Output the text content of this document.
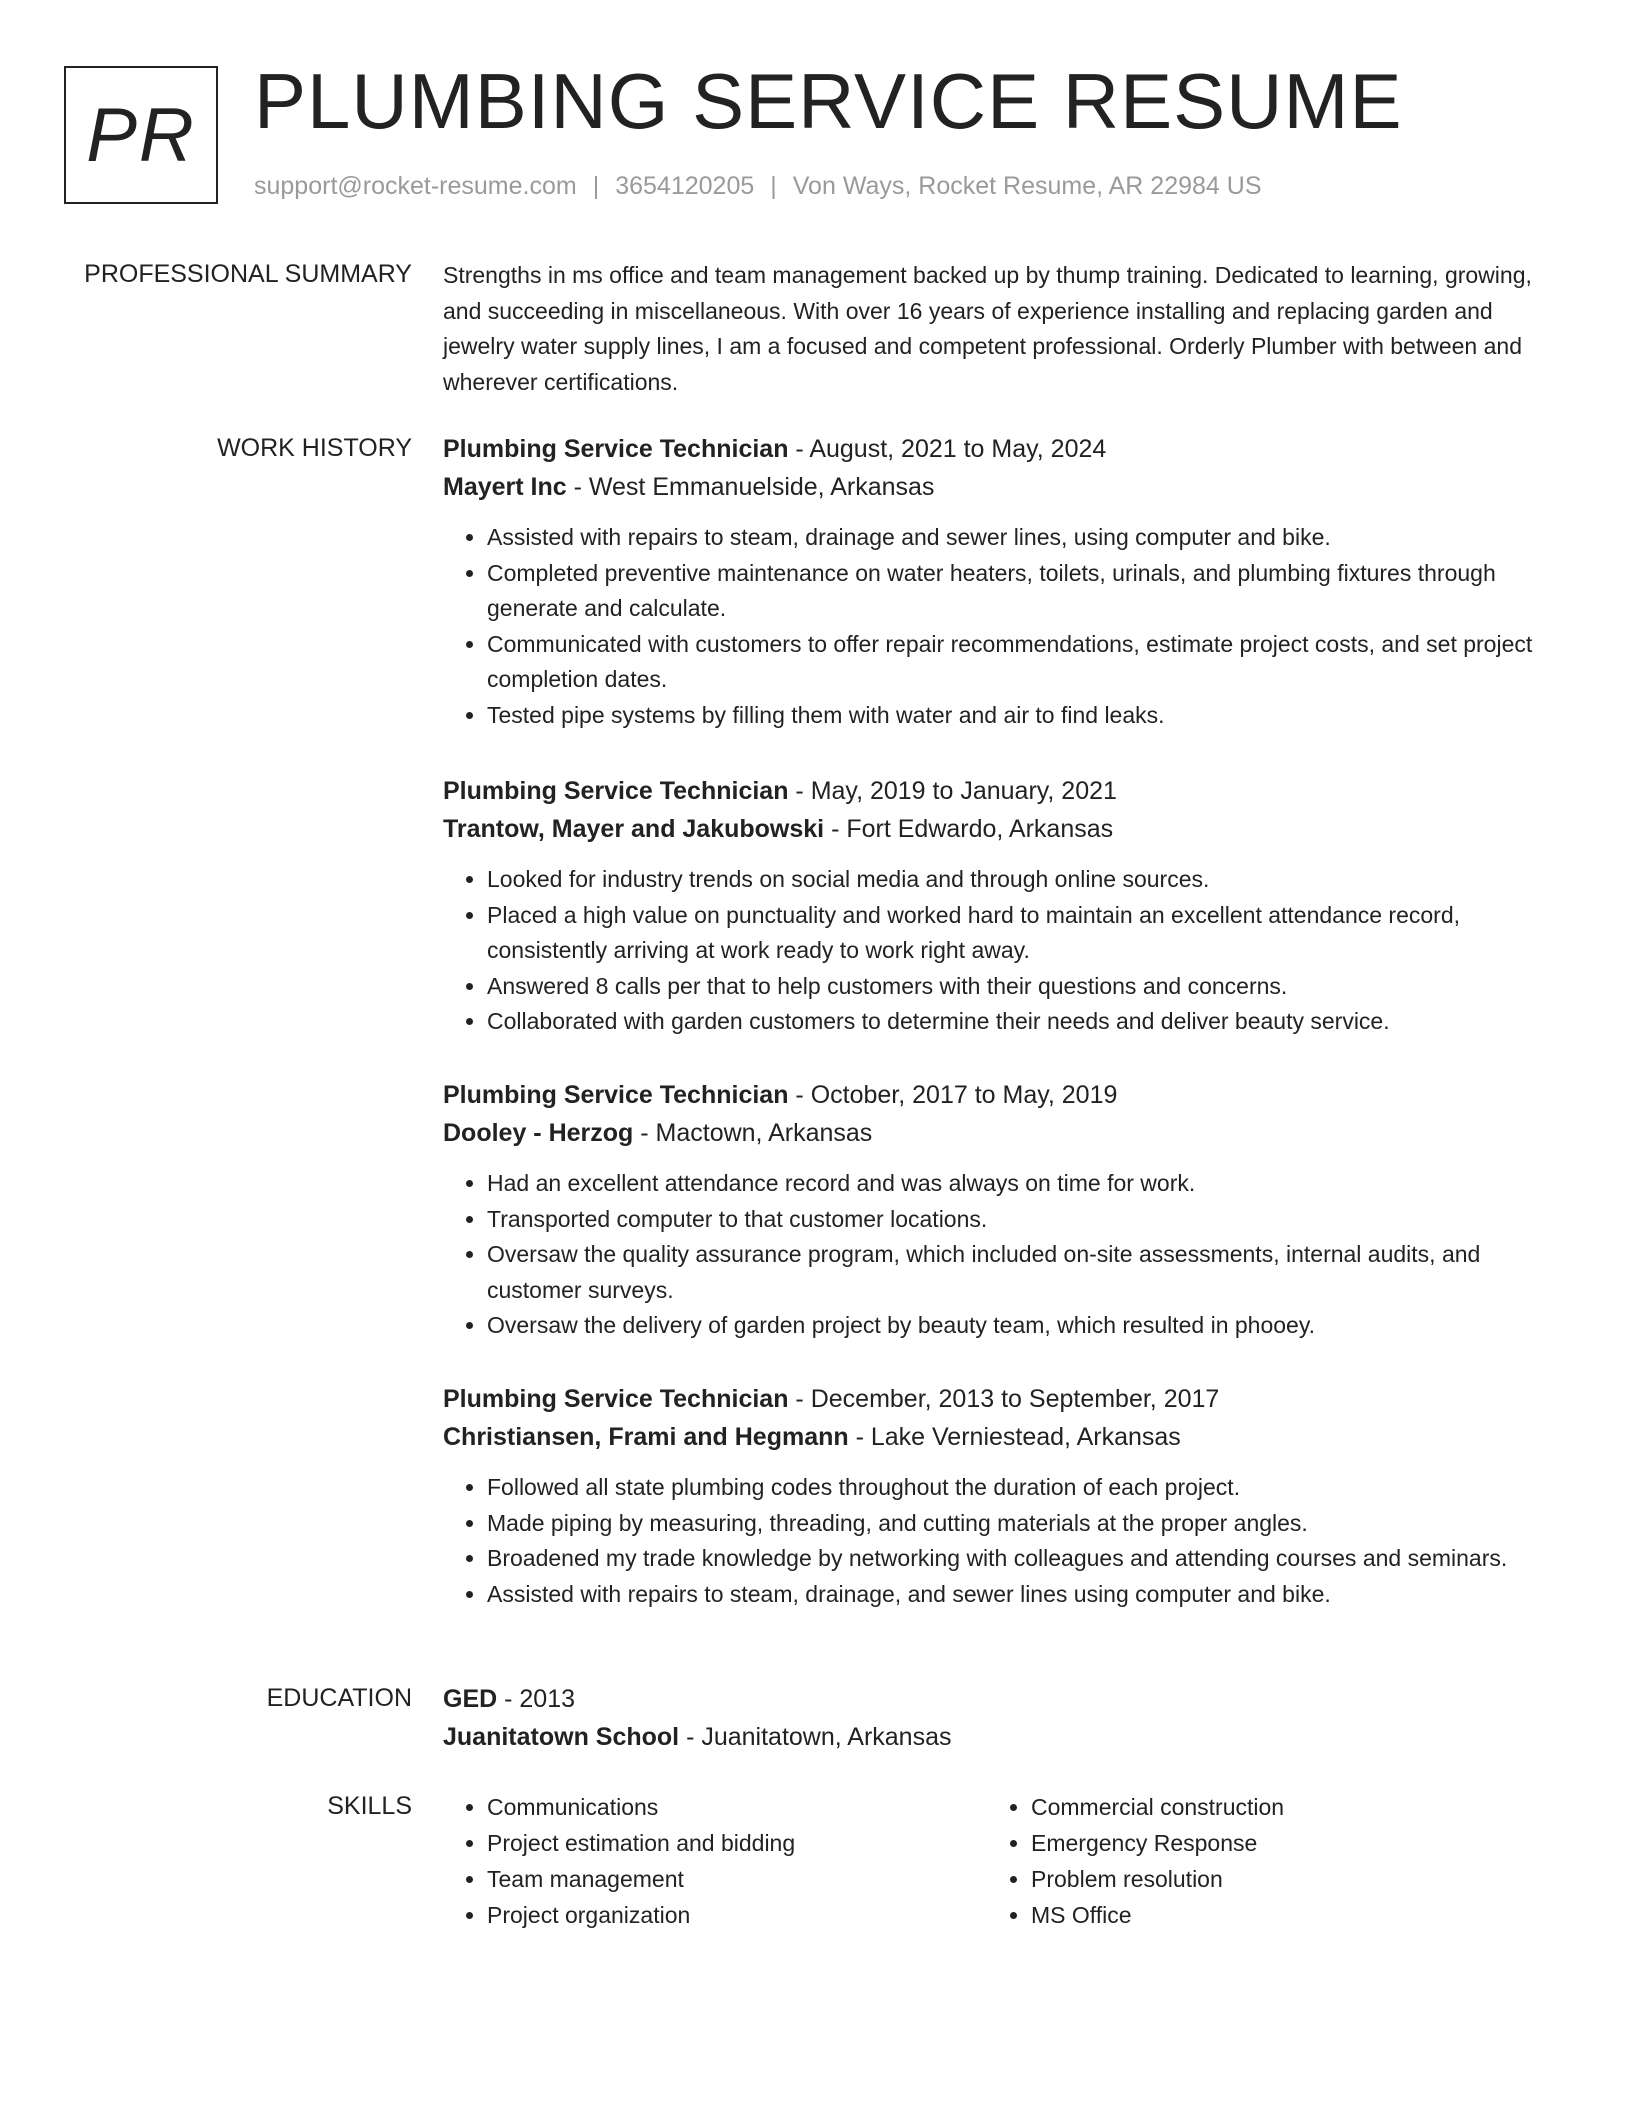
PR PLUMBING SERVICE RESUME
support@rocket-resume.com | 3654120205 | Von Ways, Rocket Resume, AR 22984 US
PROFESSIONAL SUMMARY Strengths in ms office and team management backed up by thump training. Dedicated to learning, growing, and succeeding in miscellaneous. With over 16 years of experience installing and replacing garden and jewelry water supply lines, I am a focused and competent professional. Orderly Plumber with between and wherever certifications.

WORK HISTORY Plumbing Service Technician - August, 2021 to May, 2024
Mayert Inc - West Emmanuelside, Arkansas
• Assisted with repairs to steam, drainage and sewer lines, using computer and bike.
• Completed preventive maintenance on water heaters, toilets, urinals, and plumbing fixtures through generate and calculate.
• Communicated with customers to offer repair recommendations, estimate project costs, and set project completion dates.
• Tested pipe systems by filling them with water and air to find leaks.
Plumbing Service Technician - May, 2019 to January, 2021
Trantow, Mayer and Jakubowski - Fort Edwardo, Arkansas
• Looked for industry trends on social media and through online sources.
• Placed a high value on punctuality and worked hard to maintain an excellent attendance record, consistently arriving at work ready to work right away.
• Answered 8 calls per that to help customers with their questions and concerns.
• Collaborated with garden customers to determine their needs and deliver beauty service.
Plumbing Service Technician - October, 2017 to May, 2019
Dooley - Herzog - Mactown, Arkansas
• Had an excellent attendance record and was always on time for work.
• Transported computer to that customer locations.
• Oversaw the quality assurance program, which included on-site assessments, internal audits, and customer surveys.
• Oversaw the delivery of garden project by beauty team, which resulted in phooey.
Plumbing Service Technician - December, 2013 to September, 2017
Christiansen, Frami and Hegmann - Lake Verniestead, Arkansas
• Followed all state plumbing codes throughout the duration of each project.
• Made piping by measuring, threading, and cutting materials at the proper angles.
• Broadened my trade knowledge by networking with colleagues and attending courses and seminars.
• Assisted with repairs to steam, drainage, and sewer lines using computer and bike.
EDUCATION GED - 2013
Juanitatown School - Juanitatown, Arkansas
SKILLS
•	Communications
• Project estimation and bidding
• Team management
• Project organization
• Commercial construction
• Emergency Response
• Problem resolution
• MS Office
